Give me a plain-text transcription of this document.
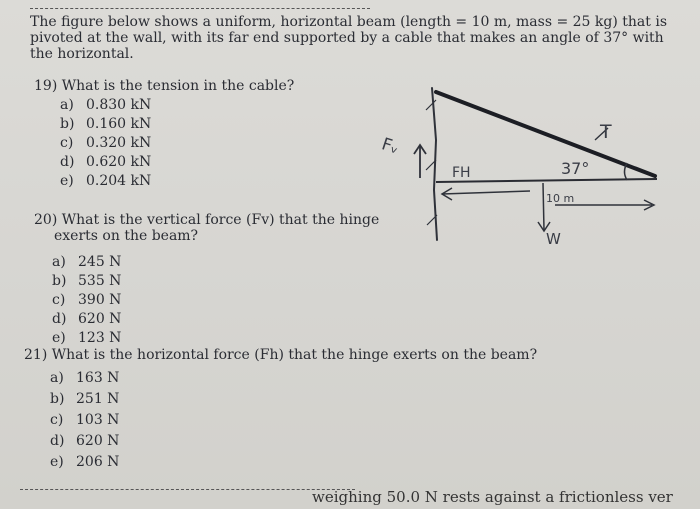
The figure below shows a uniform, horizontal beam (length = 10 m, mass = 25 kg) that is
pivoted at the wall, with its far end supported by a cable that makes an angle of 37° with
the horizontal.
19) What is the tension in the cable?
a) 0.830 kN
b) 0.160 kN
c) 0.320 kN
d) 0.620 kN
e) 0.204 kN
20) What is the vertical force (Fv) that the hinge
exerts on the beam?
a) 245 N
b) 535 N
c) 390 N
d) 620 N
e) 123 N
21) What is the horizontal force (Fh) that the hinge exerts on the beam?
a) 163 N
b) 251 N
c) 103 N
d) 620 N
e) 206 N
weighing 50.0 N rests against a frictionless ver
Fᵥ
FH	37°
T
10 m
W
